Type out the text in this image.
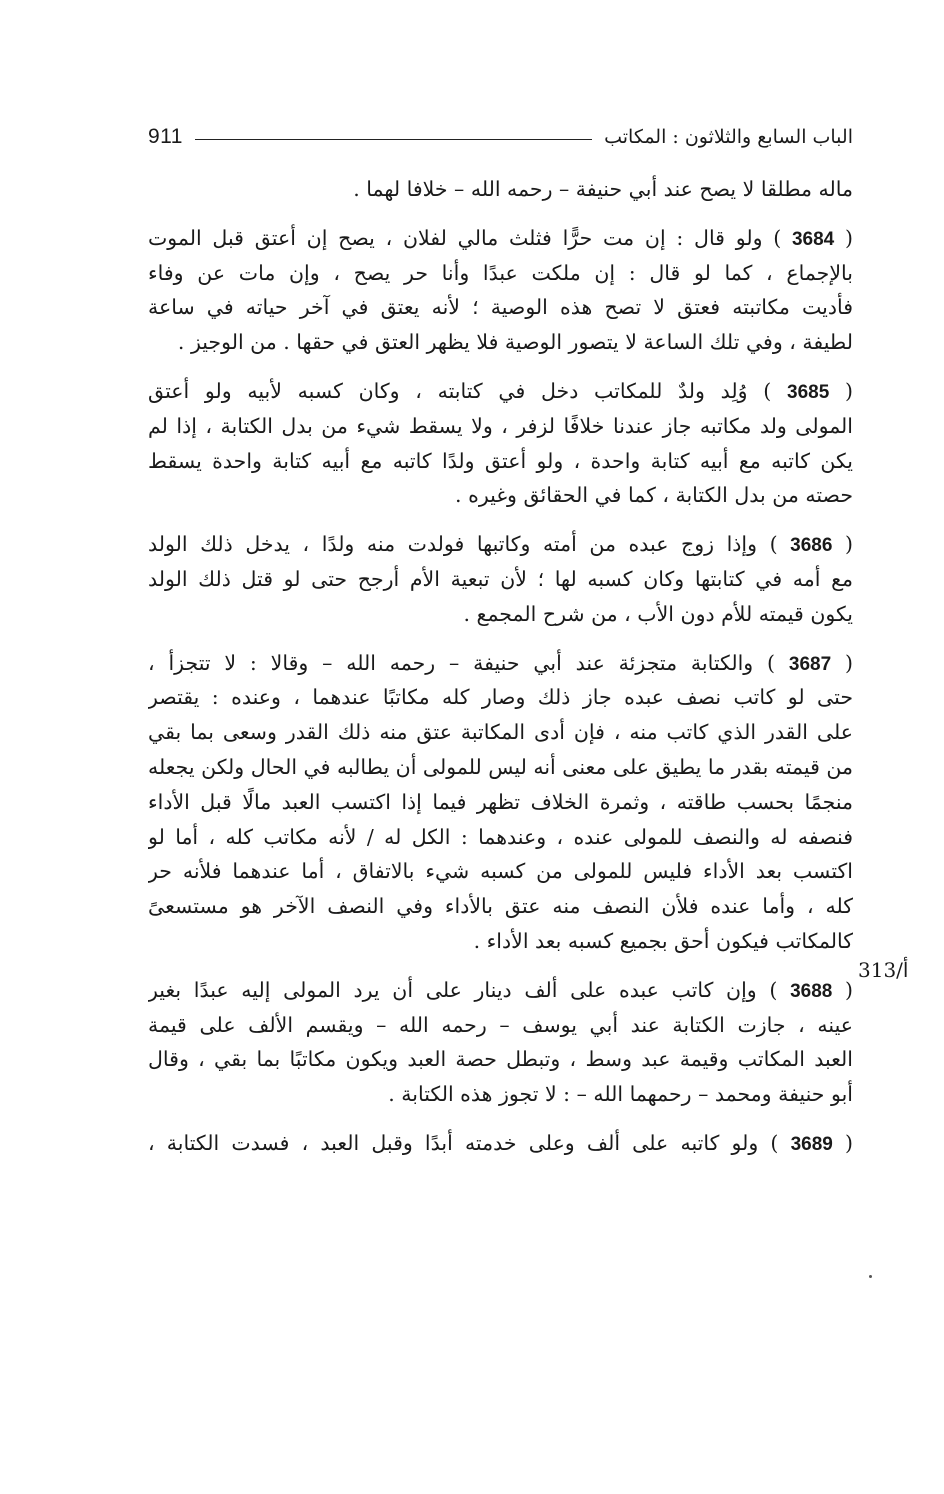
911	الباب السابع والثلاثون : المكاتب
ماله مطلقا لا يصح عند أبي حنيفة – رحمه الله – خلافا لهما .
( 3684 ) ولو قال : إن مت حرًّا فثلث مالي لفلان ، يصح إن أعتق قبل الموت
بالإجماع ، كما لو قال : إن ملكت عبدًا وأنا حر يصح ، وإن مات عن وفاء
فأديت مكاتبته فعتق لا تصح هذه الوصية ؛ لأنه يعتق في آخر حياته في ساعة
لطيفة ، وفي تلك الساعة لا يتصور الوصية فلا يظهر العتق في حقها . من الوجيز .
( 3685 ) وُلِد ولدٌ للمكاتب دخل في كتابته ، وكان كسبه لأبيه ولو أعتق
المولى ولد مكاتبه جاز عندنا خلافًا لزفر ، ولا يسقط شيء من بدل الكتابة ، إذا لم
يكن كاتبه مع أبيه كتابة واحدة ، ولو أعتق ولدًا كاتبه مع أبيه كتابة واحدة يسقط
حصته من بدل الكتابة ، كما في الحقائق وغيره .
( 3686 ) وإذا زوج عبده من أمته وكاتبها فولدت منه ولدًا ، يدخل ذلك الولد
مع أمه في كتابتها وكان كسبه لها ؛ لأن تبعية الأم أرجح حتى لو قتل ذلك الولد
يكون قيمته للأم دون الأب ، من شرح المجمع .
( 3687 ) والكتابة متجزئة عند أبي حنيفة – رحمه الله – وقالا : لا تتجزأ ،
حتى لو كاتب نصف عبده جاز ذلك وصار كله مكاتبًا عندهما ، وعنده : يقتصر
على القدر الذي كاتب منه ، فإن أدى المكاتبة عتق منه ذلك القدر وسعى بما بقي
من قيمته بقدر ما يطيق على معنى أنه ليس للمولى أن يطالبه في الحال ولكن يجعله
منجمًا بحسب طاقته ، وثمرة الخلاف تظهر فيما إذا اكتسب العبد مالًا قبل الأداء
فنصفه له والنصف للمولى عنده ، وعندهما : الكل له / لأنه مكاتب كله ، أما لو
اكتسب بعد الأداء فليس للمولى من كسبه شيء بالاتفاق ، أما عندهما فلأنه حر
كله ، وأما عنده فلأن النصف منه عتق بالأداء وفي النصف الآخر هو مستسعىً
كالمكاتب فيكون أحق بجميع كسبه بعد الأداء .
( 3688 ) وإن كاتب عبده على ألف دينار على أن يرد المولى إليه عبدًا بغير
عينه ، جازت الكتابة عند أبي يوسف – رحمه الله – ويقسم الألف على قيمة
العبد المكاتب وقيمة عبد وسط ، وتبطل حصة العبد ويكون مكاتبًا بما بقي ، وقال
أبو حنيفة ومحمد – رحمهما الله – : لا تجوز هذه الكتابة .
( 3689 ) ولو كاتبه على ألف وعلى خدمته أبدًا وقبل العبد ، فسدت الكتابة ،
313/أ
